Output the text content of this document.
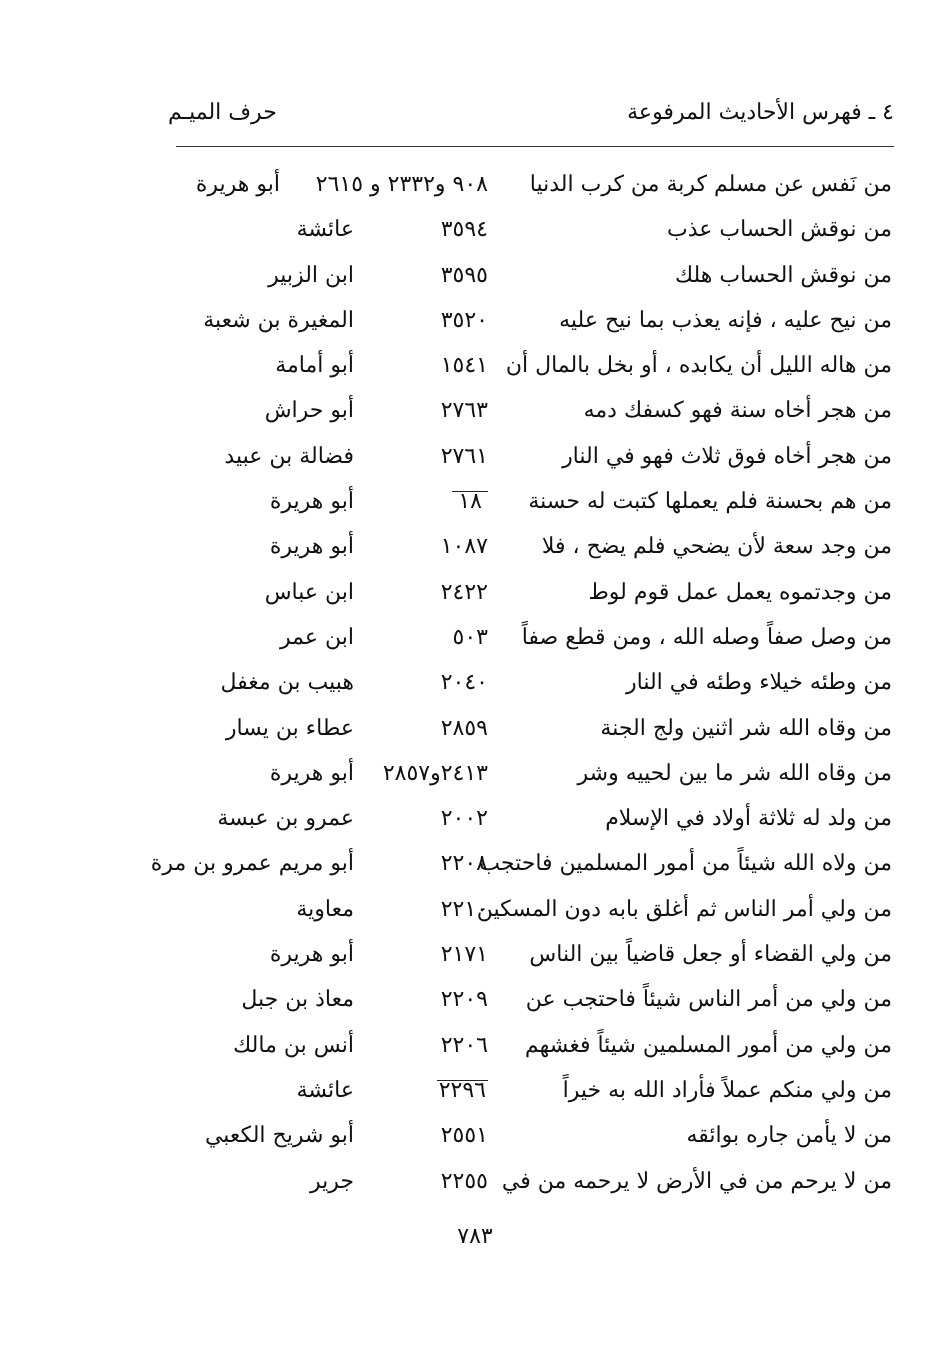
٤ ـ فهرس الأحاديث المرفوعة
حرف الميـم
من نَفس عن مسلم كربة من كرب الدنيا
٩٠٨ و٢٣٣٢ و ٢٦١٥
أبو هريرة
من نوقش الحساب عذب
٣٥٩٤
عائشة
من نوقش الحساب هلك
٣٥٩٥
ابن الزبير
من نيح عليه ، فإنه يعذب بما نيح عليه
٣٥٢٠
المغيرة بن شعبة
من هاله الليل أن يكابده ، أو بخل بالمال أن
١٥٤١
أبو أمامة
من هجر أخاه سنة فهو كسفك دمه
٢٧٦٣
أبو حراش
من هجر أخاه فوق ثلاث فهو في النار
٢٧٦١
فضالة بن عبيد
من هم بحسنة فلم يعملها كتبت له حسنة
١٨
أبو هريرة
من وجد سعة لأن يضحي فلم يضح ، فلا
١٠٨٧
أبو هريرة
من وجدتموه يعمل عمل قوم لوط
٢٤٢٢
ابن عباس
من وصل صفاً وصله الله ، ومن قطع صفاً
٥٠٣
ابن عمر
من وطئه خيلاء وطئه في النار
٢٠٤٠
هبيب بن مغفل
من وقاه الله شر اثنين ولج الجنة
٢٨٥٩
عطاء بن يسار
من وقاه الله شر ما بين لحييه وشر
٢٤١٣و٢٨٥٧
أبو هريرة
من ولد له ثلاثة أولاد في الإسلام
٢٠٠٢
عمرو بن عبسة
من ولاه الله شيئاً من أمور المسلمين فاحتجب
٢٢٠٨
أبو مريم عمرو بن مرة
من ولي أمر الناس ثم أغلق بابه دون المسكين
٢٢١٠
معاوية
من ولي القضاء أو جعل قاضياً بين الناس
٢١٧١
أبو هريرة
من ولي من أمر الناس شيئاً فاحتجب عن
٢٢٠٩
معاذ بن جبل
من ولي من أمور المسلمين شيئاً فغشهم
٢٢٠٦
أنس بن مالك
من ولي منكم عملاً فأراد الله به خيراً
٢٢٩٦
عائشة
من لا يأمن جاره بوائقه
٢٥٥١
أبو شريح الكعبي
من لا يرحم من في الأرض لا يرحمه من في
٢٢٥٥
جرير
٧٨٣
